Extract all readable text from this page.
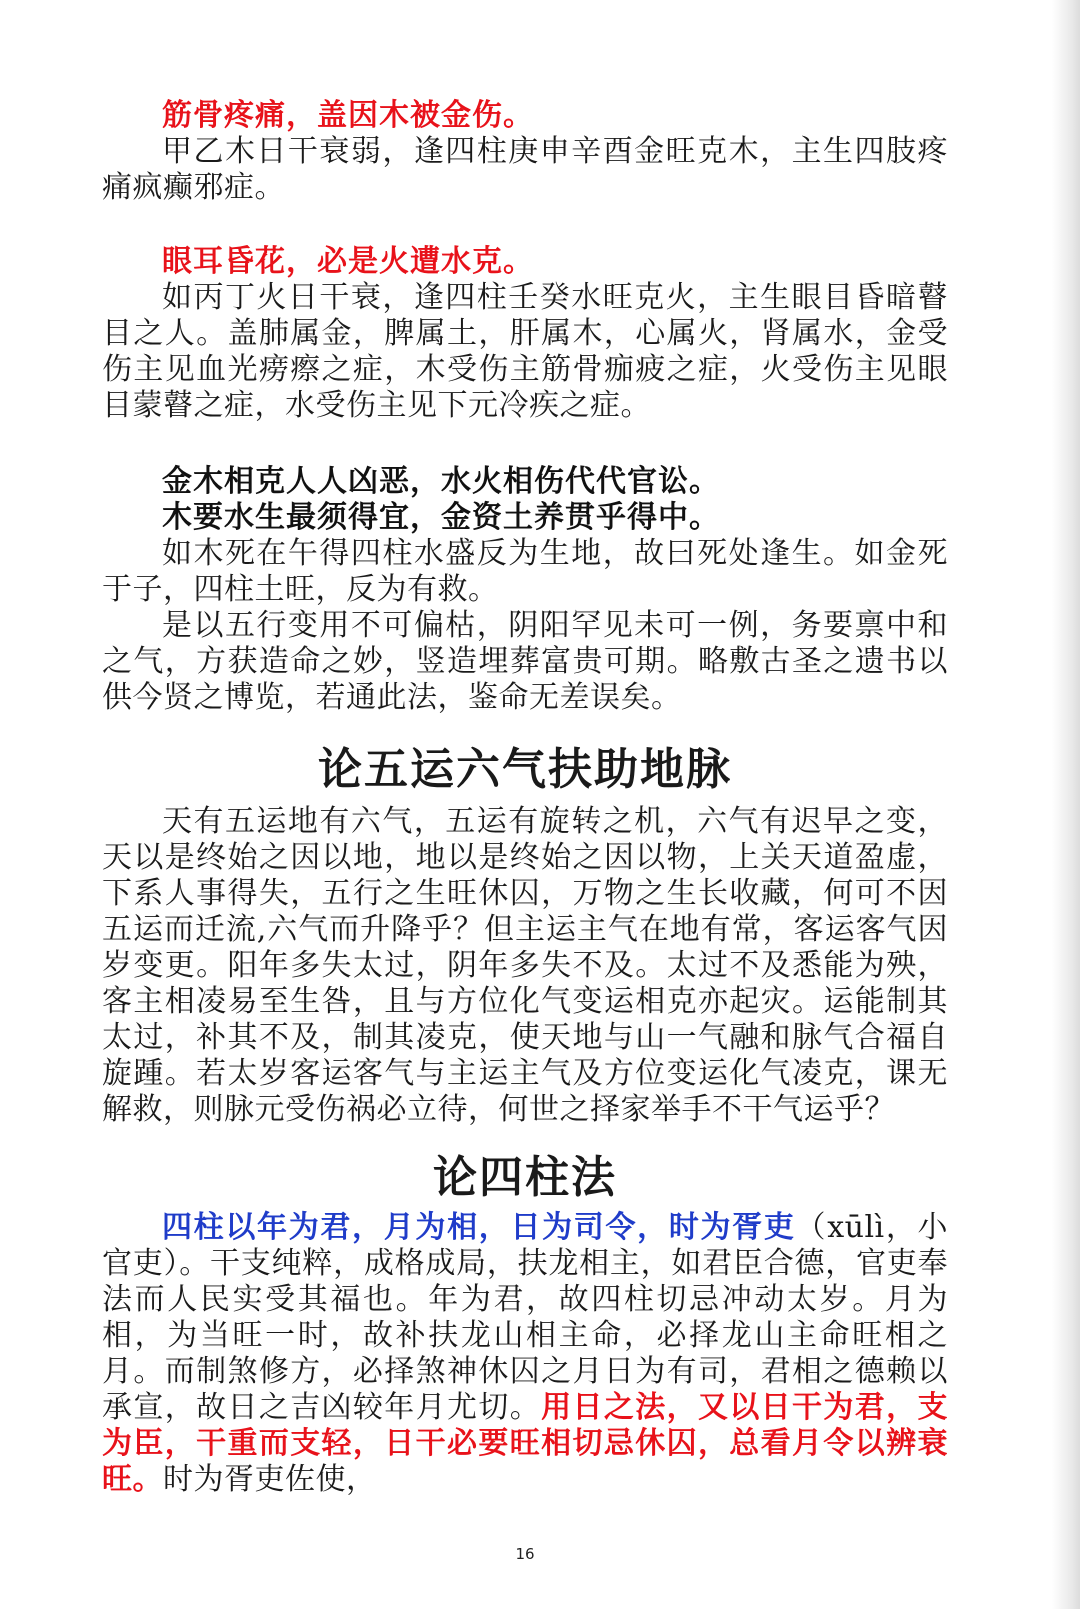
筋骨疼痛，盖因木被金伤。

甲乙木日干衰弱，逢四柱庚申辛酉金旺克木，主生四肢疼痛疯癫邪症。

眼耳昏花，必是火遭水克。

如丙丁火日干衰，逢四柱壬癸水旺克火，主生眼目昏暗瞽目之人。盖肺属金，脾属土，肝属木，心属火，肾属水，金受伤主见血光痨瘵之症，木受伤主筋骨痂疲之症，火受伤主见眼目蒙瞽之症，水受伤主见下元冷疾之症。

金木相克人人凶恶，水火相伤代代官讼。
木要水生最须得宜，金资土养贯乎得中。

如木死在午得四柱水盛反为生地，故曰死处逢生。如金死于子，四柱土旺，反为有救。

是以五行变用不可偏枯，阴阳罕见未可一例，务要禀中和之气，方获造命之妙，竖造埋葬富贵可期。略敷古圣之遗书以供今贤之博览，若通此法，鉴命无差误矣。

论五运六气扶助地脉

天有五运地有六气，五运有旋转之机，六气有迟早之变，天以是终始之因以地，地以是终始之因以物，上关天道盈虚，下系人事得失，五行之生旺休囚，万物之生长收藏，何可不因五运而迁流,六气而升降乎？但主运主气在地有常，客运客气因岁变更。阳年多失太过，阴年多失不及。太过不及悉能为殃，客主相凌易至生咎，且与方位化气变运相克亦起灾。运能制其太过，补其不及，制其凌克，使天地与山一气融和脉气合福自旋踵。若太岁客运客气与主运主气及方位变运化气凌克，课无解救，则脉元受伤祸必立待，何世之择家举手不干气运乎？

论四柱法

四柱以年为君，月为相，日为司令，时为胥吏（xūlì，小官吏）。干支纯粹，成格成局，扶龙相主，如君臣合德，官吏奉法而人民实受其福也。年为君，故四柱切忌冲动太岁。月为相，为当旺一时，故补扶龙山相主命，必择龙山主命旺相之月。而制煞修方，必择煞神休囚之月日为有司，君相之德赖以承宣，故日之吉凶较年月尤切。用日之法，又以日干为君，支为臣，干重而支轻，日干必要旺相切忌休囚，总看月令以辨衰旺。时为胥吏佐使，

16
